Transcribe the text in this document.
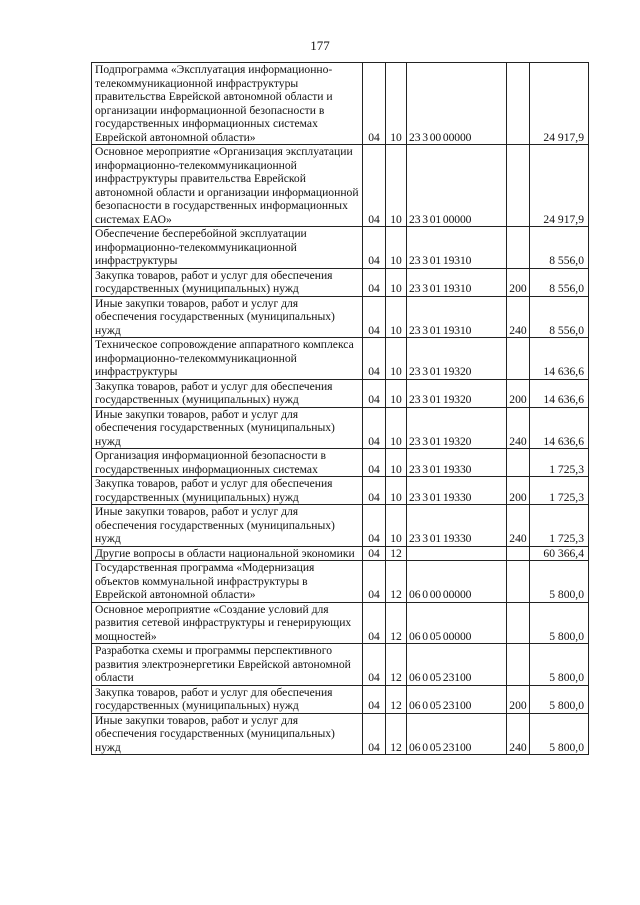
177
Подпрограмма «Эксплуатация информационно-телекоммуникационной инфраструктуры правительства Еврейской автономной области и организации информационной безопасности в государственных информационных системах Еврейской автономной области»	04	10	23 3 00 00000		24 917,9
Основное мероприятие «Организация эксплуатации информационно-телекоммуникационной инфраструктуры правительства Еврейской автономной области и организации информационной безопасности в государственных информационных системах ЕАО»	04	10	23 3 01 00000		24 917,9
Обеспечение бесперебойной эксплуатации информационно-телекоммуникационной инфраструктуры	04	10	23 3 01 19310		8 556,0
Закупка товаров, работ и услуг для обеспечения государственных (муниципальных) нужд	04	10	23 3 01 19310	200	8 556,0
Иные закупки товаров, работ и услуг для обеспечения государственных (муниципальных) нужд	04	10	23 3 01 19310	240	8 556,0
Техническое сопровождение аппаратного комплекса информационно-телекоммуникационной инфраструктуры	04	10	23 3 01 19320		14 636,6
Закупка товаров, работ и услуг для обеспечения государственных (муниципальных) нужд	04	10	23 3 01 19320	200	14 636,6
Иные закупки товаров, работ и услуг для обеспечения государственных (муниципальных) нужд	04	10	23 3 01 19320	240	14 636,6
Организация информационной безопасности в государственных информационных системах	04	10	23 3 01 19330		1 725,3
Закупка товаров, работ и услуг для обеспечения государственных (муниципальных) нужд	04	10	23 3 01 19330	200	1 725,3
Иные закупки товаров, работ и услуг для обеспечения государственных (муниципальных) нужд	04	10	23 3 01 19330	240	1 725,3
Другие вопросы в области национальной экономики	04	12			60 366,4
Государственная программа «Модернизация объектов коммунальной инфраструктуры в Еврейской автономной области»	04	12	06 0 00 00000		5 800,0
Основное мероприятие «Создание условий для развития сетевой инфраструктуры и генерирующих мощностей»	04	12	06 0 05 00000		5 800,0
Разработка схемы и программы перспективного развития электроэнергетики Еврейской автономной области	04	12	06 0 05 23100		5 800,0
Закупка товаров, работ и услуг для обеспечения государственных (муниципальных) нужд	04	12	06 0 05 23100	200	5 800,0
Иные закупки товаров, работ и услуг для обеспечения государственных (муниципальных) нужд	04	12	06 0 05 23100	240	5 800,0
